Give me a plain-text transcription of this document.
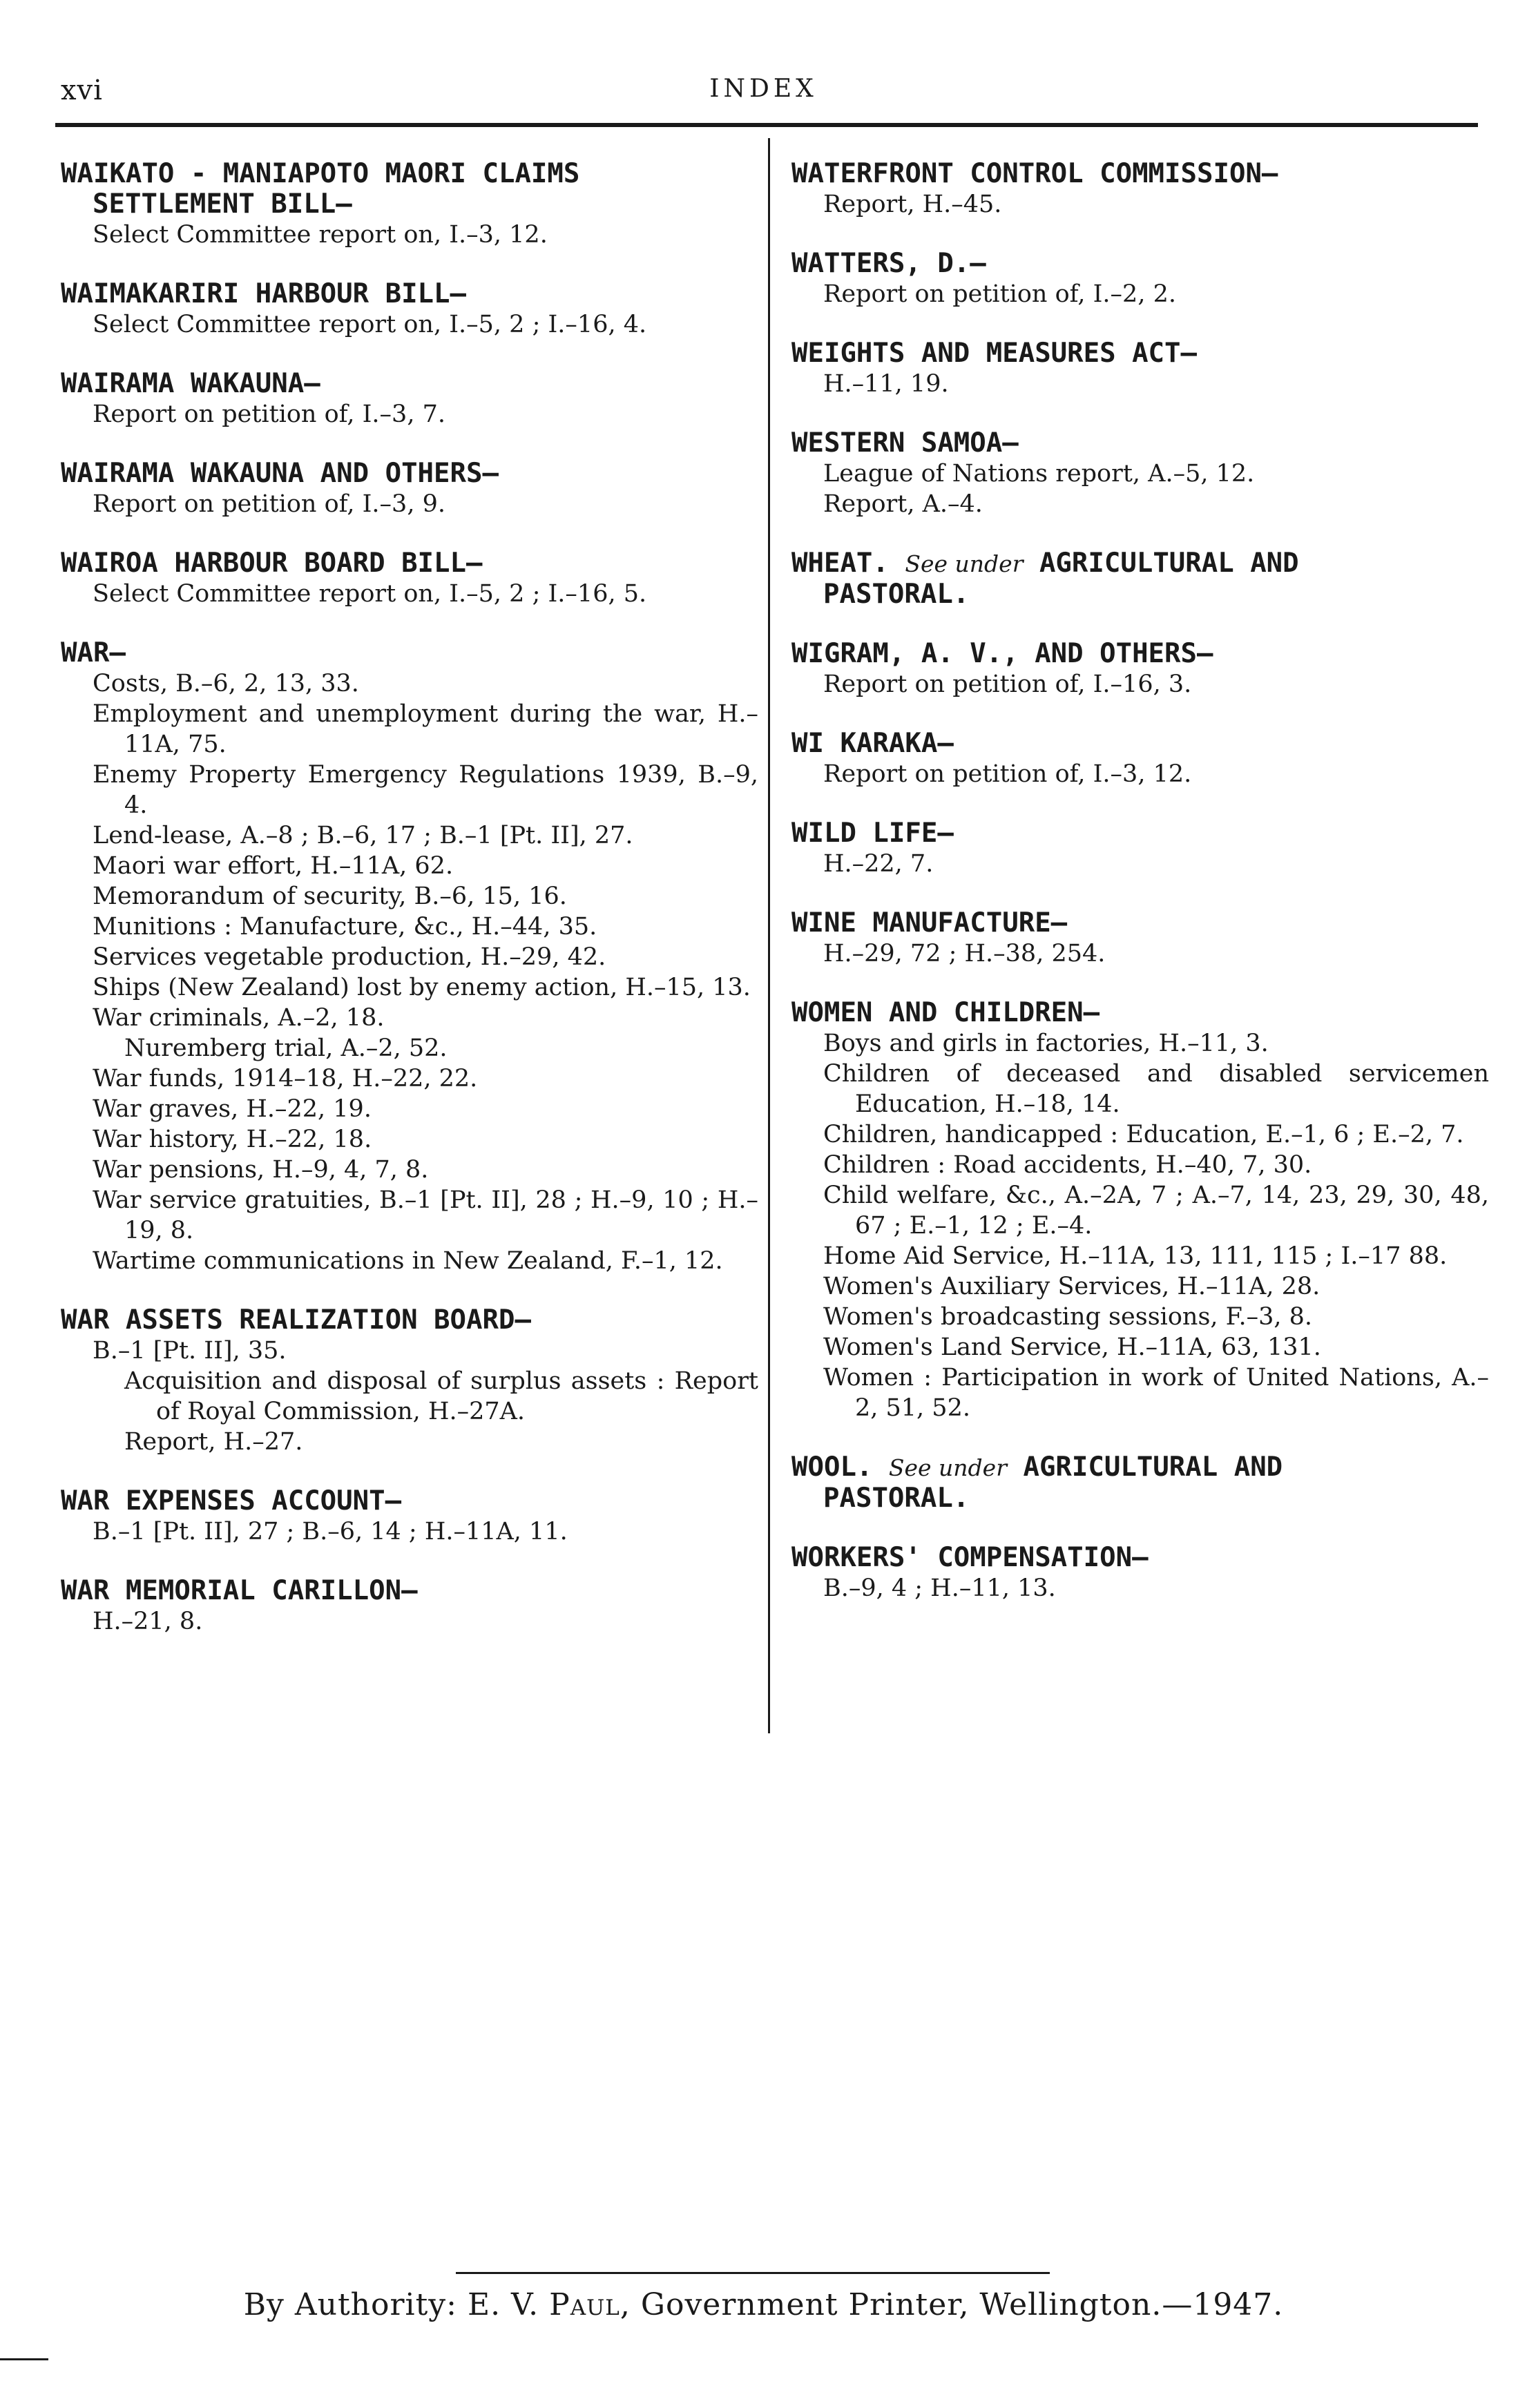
xvi	INDEX
WAIKATO - MANIAPOTO MAORI CLAIMS
SETTLEMENT BILL—
Select Committee report on, I.–3, 12.
WAIMAKARIRI HARBOUR BILL—
Select Committee report on, I.–5, 2 ; I.–16, 4.
WAIRAMA WAKAUNA—
Report on petition of, I.–3, 7.
WAIRAMA WAKAUNA AND OTHERS—
Report on petition of, I.–3, 9.
WAIROA HARBOUR BOARD BILL—
Select Committee report on, I.–5, 2 ; I.–16, 5.
WAR—
Costs, B.–6, 2, 13, 33.
Employment and unemployment during the war, H.–11A, 75.
Enemy Property Emergency Regulations 1939, B.–9, 4.
Lend-lease, A.–8 ; B.–6, 17 ; B.–1 [Pt. II], 27.
Maori war effort, H.–11A, 62.
Memorandum of security, B.–6, 15, 16.
Munitions : Manufacture, &c., H.–44, 35.
Services vegetable production, H.–29, 42.
Ships (New Zealand) lost by enemy action, H.–15, 13.
War criminals, A.–2, 18.
Nuremberg trial, A.–2, 52.
War funds, 1914–18, H.–22, 22.
War graves, H.–22, 19.
War history, H.–22, 18.
War pensions, H.–9, 4, 7, 8.
War service gratuities, B.–1 [Pt. II], 28 ; H.–9, 10 ; H.–19, 8.
Wartime communications in New Zealand, F.–1, 12.
WAR ASSETS REALIZATION BOARD—
B.–1 [Pt. II], 35.
Acquisition and disposal of surplus assets : Report of Royal Commission, H.–27A.
Report, H.–27.
WAR EXPENSES ACCOUNT—
B.–1 [Pt. II], 27 ; B.–6, 14 ; H.–11A, 11.
WAR MEMORIAL CARILLON—
H.–21, 8.
WATERFRONT CONTROL COMMISSION—
Report, H.–45.
WATTERS, D.—
Report on petition of, I.–2, 2.
WEIGHTS AND MEASURES ACT—
H.–11, 19.
WESTERN SAMOA—
League of Nations report, A.–5, 12.
Report, A.–4.
WHEAT. See under AGRICULTURAL AND
PASTORAL.
WIGRAM, A. V., AND OTHERS—
Report on petition of, I.–16, 3.
WI KARAKA—
Report on petition of, I.–3, 12.
WILD LIFE—
H.–22, 7.
WINE MANUFACTURE—
H.–29, 72 ; H.–38, 254.
WOMEN AND CHILDREN—
Boys and girls in factories, H.–11, 3.
Children of deceased and disabled servicemen Education, H.–18, 14.
Children, handicapped : Education, E.–1, 6 ; E.–2, 7.
Children : Road accidents, H.–40, 7, 30.
Child welfare, &c., A.–2A, 7 ; A.–7, 14, 23, 29, 30, 48, 67 ; E.–1, 12 ; E.–4.
Home Aid Service, H.–11A, 13, 111, 115 ; I.–17 88.
Women's Auxiliary Services, H.–11A, 28.
Women's broadcasting sessions, F.–3, 8.
Women's Land Service, H.–11A, 63, 131.
Women : Participation in work of United Nations, A.–2, 51, 52.
WOOL. See under AGRICULTURAL AND
PASTORAL.
WORKERS' COMPENSATION—
B.–9, 4 ; H.–11, 13.
By Authority: E. V. Paul, Government Printer, Wellington.—1947.
